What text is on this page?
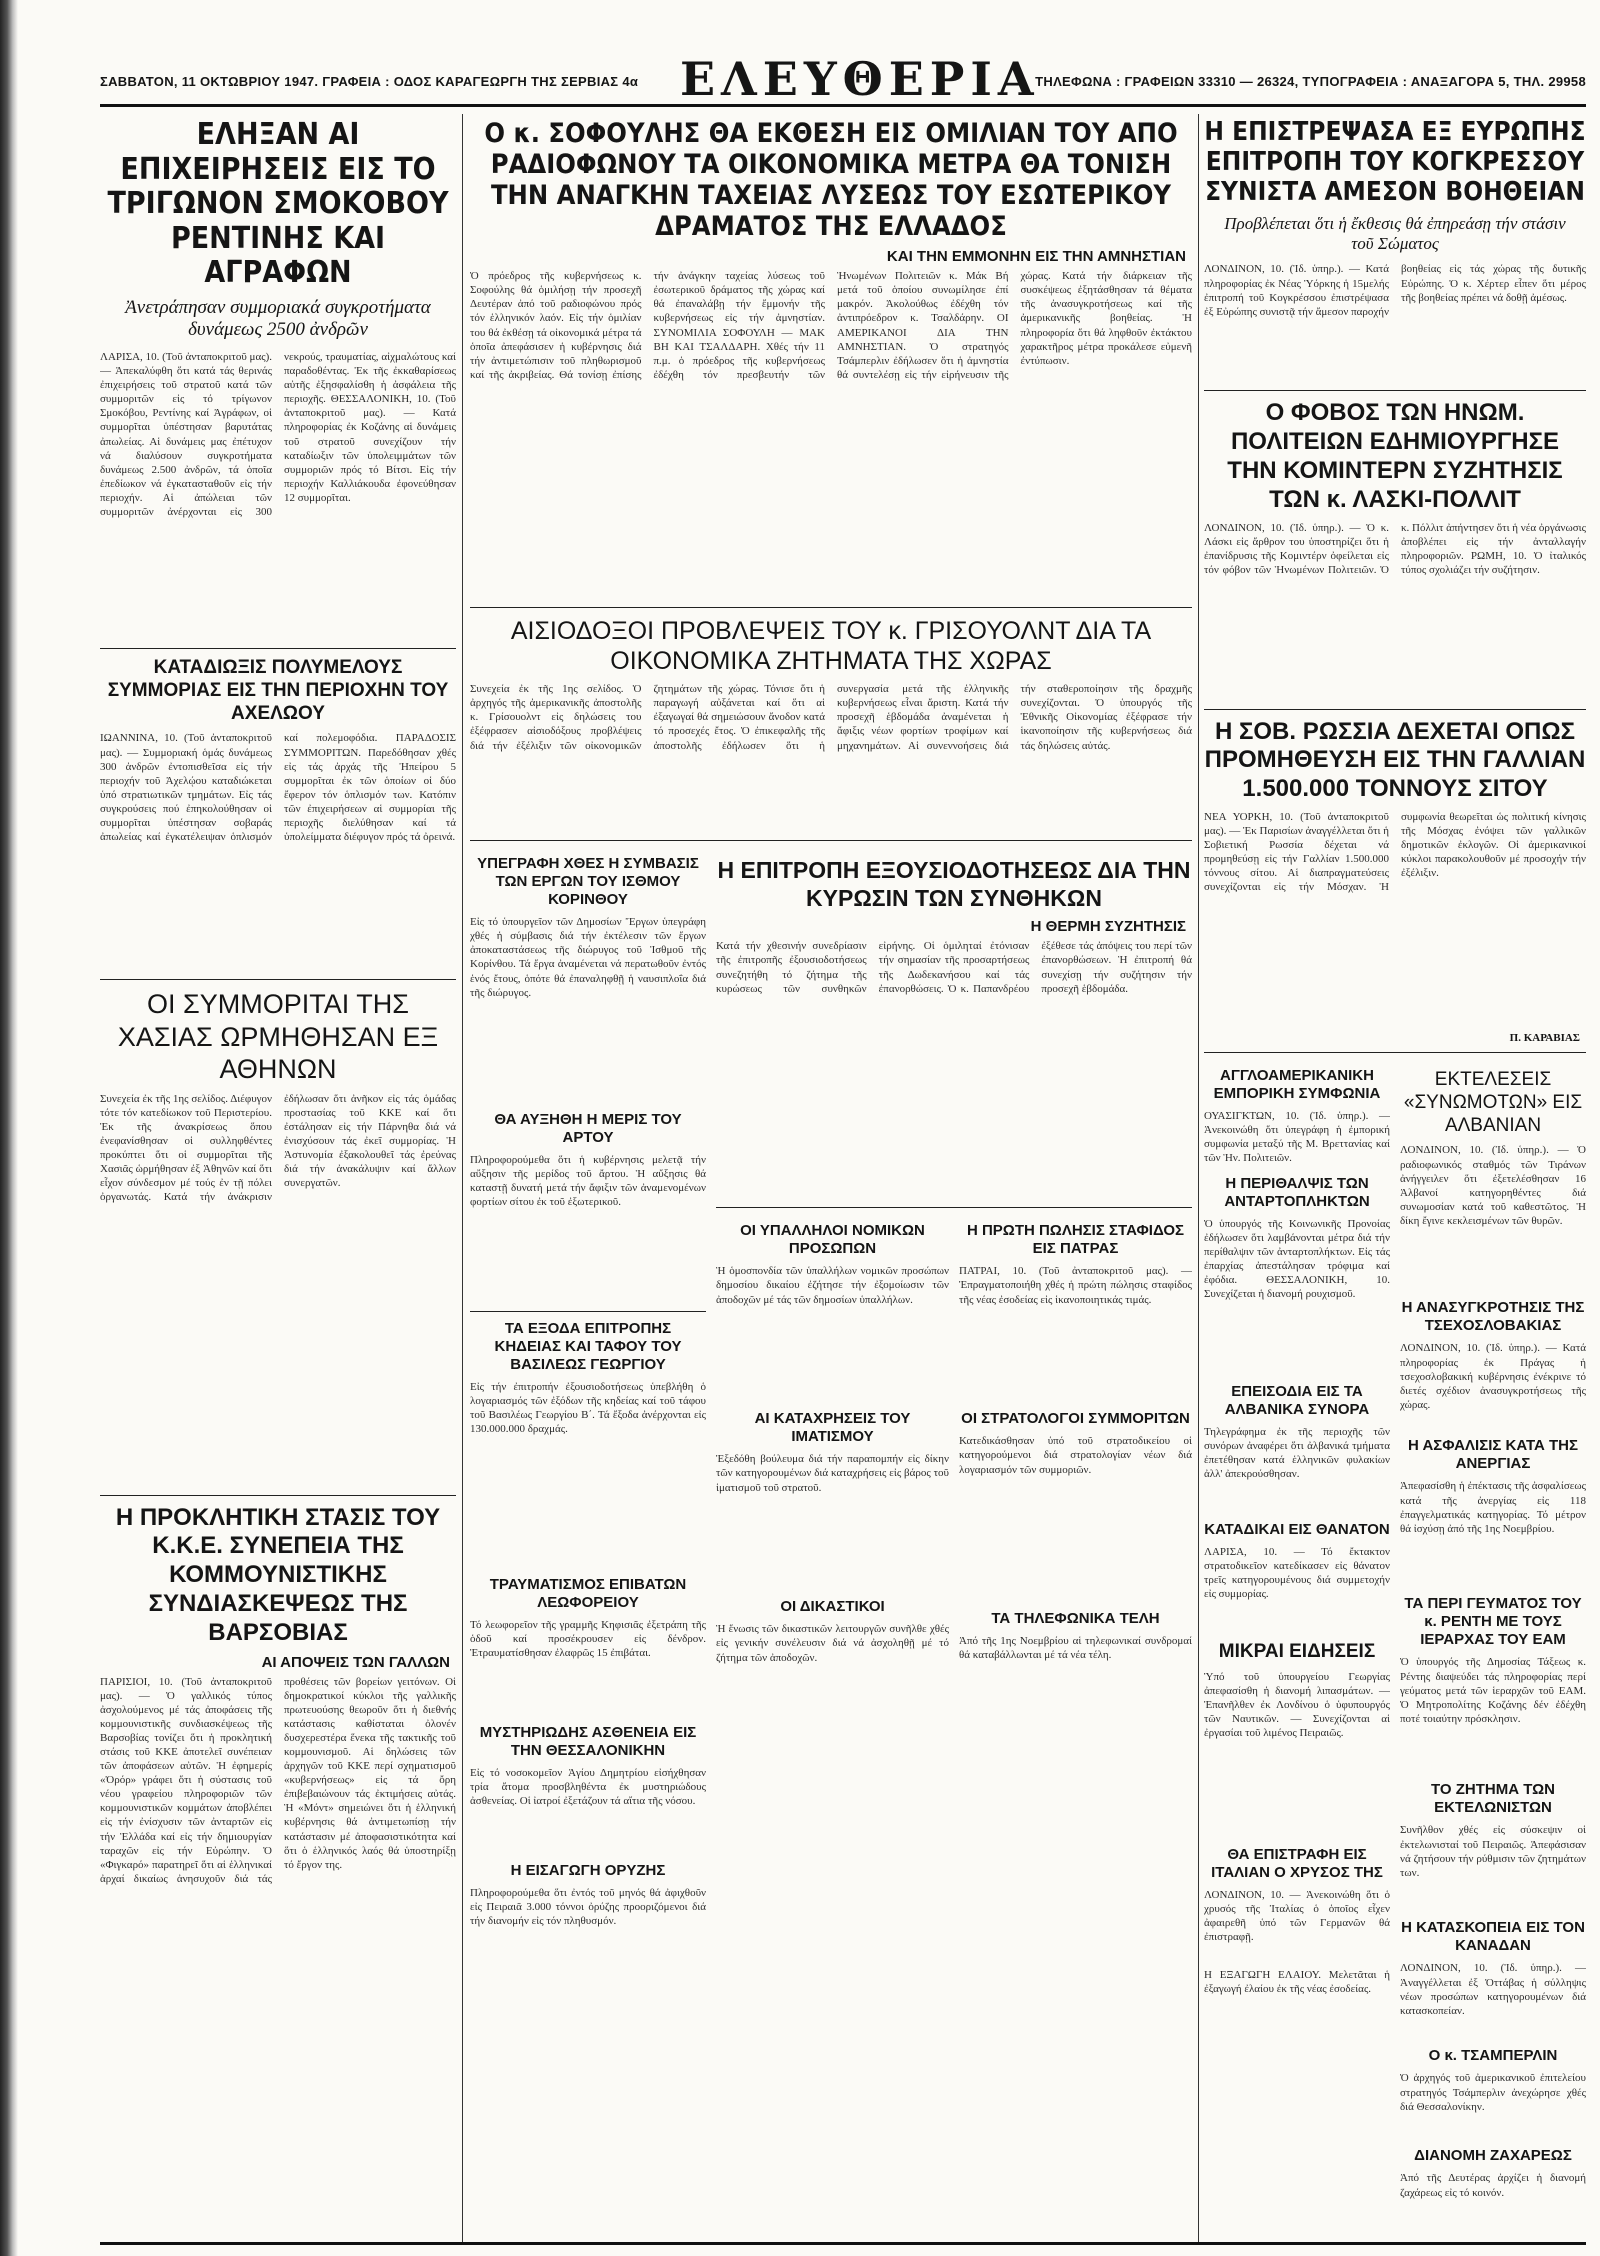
ΣΑΒΒΑΤΟΝ, 11 ΟΚΤΩΒΡΙΟΥ 1947. ΓΡΑΦΕΙΑ : ΟΔΟΣ ΚΑΡΑΓΕΩΡΓΗ ΤΗΣ ΣΕΡΒΙΑΣ 4α ΕΛΕΥΘΕΡΙΑ
ΤΗΛΕΦΩΝΑ : ΓΡΑΦΕΙΩΝ 33310 — 26324, ΤΥΠΟΓΡΑΦΕΙΑ : ΑΝΑΞΑΓΟΡΑ 5, ΤΗΛ. 29958
ΕΛΗΞΑΝ ΑΙ ΕΠΙΧΕΙΡΗΣΕΙΣ ΕΙΣ ΤΟ ΤΡΙΓΩΝΟΝ ΣΜΟΚΟΒΟΥ ΡΕΝΤΙΝΗΣ ΚΑΙ ΑΓΡΑΦΩΝ
Ἀνετράπησαν συμμοριακά συγκροτήματα δυνάμεως 2500 ἀνδρῶν
ΛΑΡΙΣΑ, 10. (Τοῦ ἀνταποκριτοῦ μας). — Ἀπεκαλύφθη ὅτι κατά τάς θερινάς ἐπιχειρήσεις τοῦ στρατοῦ κατά τῶν συμμοριτῶν εἰς τό τρίγωνον Σμοκόβου, Ρεντίνης καί Ἀγράφων, οἱ συμμορῖται ὑπέστησαν βαρυτάτας ἀπωλείας. Αἱ δυνάμεις μας ἐπέτυχον νά διαλύσουν συγκροτήματα δυνάμεως 2.500 ἀνδρῶν, τά ὁποῖα ἐπεδίωκον νά ἐγκατασταθοῦν εἰς τήν περιοχήν. Αἱ ἀπώλειαι τῶν συμμοριτῶν ἀνέρχονται εἰς 300 νεκρούς, τραυματίας, αἰχμαλώτους καί παραδοθέντας. Ἐκ τῆς ἐκκαθαρίσεως αὐτῆς ἐξησφαλίσθη ἡ ἀσφάλεια τῆς περιοχῆς. ΘΕΣΣΑΛΟΝΙΚΗ, 10. (Τοῦ ἀνταποκριτοῦ μας). — Κατά πληροφορίας ἐκ Κοζάνης αἱ δυνάμεις τοῦ στρατοῦ συνεχίζουν τήν καταδίωξιν τῶν ὑπολειμμάτων τῶν συμμοριῶν πρός τό Βίτσι. Εἰς τήν περιοχήν Καλλιάκουδα ἐφονεύθησαν 12 συμμορῖται.
ΚΑΤΑΔΙΩΞΙΣ ΠΟΛΥΜΕΛΟΥΣ ΣΥΜΜΟΡΙΑΣ ΕΙΣ ΤΗΝ ΠΕΡΙΟΧΗΝ ΤΟΥ ΑΧΕΛΩΟΥ
ΙΩΑΝΝΙΝΑ, 10. (Τοῦ ἀνταποκριτοῦ μας). — Συμμοριακή ὁμάς δυνάμεως 300 ἀνδρῶν ἐντοπισθεῖσα εἰς τήν περιοχήν τοῦ Ἀχελῴου καταδιώκεται ὑπό στρατιωτικῶν τμημάτων. Εἰς τάς συγκρούσεις πού ἐπηκολούθησαν οἱ συμμορῖται ὑπέστησαν σοβαράς ἀπωλείας καί ἐγκατέλειψαν ὁπλισμόν καί πολεμοφόδια. ΠΑΡΑΔΟΣΙΣ ΣΥΜΜΟΡΙΤΩΝ. Παρεδόθησαν χθές εἰς τάς ἀρχάς τῆς Ἠπείρου 5 συμμορῖται ἐκ τῶν ὁποίων οἱ δύο ἔφερον τόν ὁπλισμόν των. Κατόπιν τῶν ἐπιχειρήσεων αἱ συμμορίαι τῆς περιοχῆς διελύθησαν καί τά ὑπολείμματα διέφυγον πρός τά ὀρεινά.
ΟΙ ΣΥΜΜΟΡΙΤΑΙ ΤΗΣ ΧΑΣΙΑΣ ΩΡΜΗΘΗΣΑΝ ΕΞ ΑΘΗΝΩΝ
Συνεχεία ἐκ τῆς 1ης σελίδος. Διέφυγον τότε τόν κατεδίωκον τοῦ Περιστερίου. Ἐκ τῆς ἀνακρίσεως ὅπου ἐνεφανίσθησαν οἱ συλληφθέντες προκύπτει ὅτι οἱ συμμορῖται τῆς Χασιᾶς ὡρμήθησαν ἐξ Ἀθηνῶν καί ὅτι εἶχον σύνδεσμον μέ τούς ἐν τῇ πόλει ὀργανωτάς. Κατά τήν ἀνάκρισιν ἐδήλωσαν ὅτι ἀνῆκον εἰς τάς ὁμάδας προστασίας τοῦ ΚΚΕ καί ὅτι ἐστάλησαν εἰς τήν Πάρνηθα διά νά ἐνισχύσουν τάς ἐκεῖ συμμορίας. Ἡ Ἀστυνομία ἐξακολουθεῖ τάς ἐρεύνας διά τήν ἀνακάλυψιν καί ἄλλων συνεργατῶν.
Η ΠΡΟΚΛΗΤΙΚΗ ΣΤΑΣΙΣ ΤΟΥ Κ.Κ.Ε. ΣΥΝΕΠΕΙΑ ΤΗΣ ΚΟΜΜΟΥΝΙΣΤΙΚΗΣ ΣΥΝΔΙΑΣΚΕΨΕΩΣ ΤΗΣ ΒΑΡΣΟΒΙΑΣ
ΑΙ ΑΠΟΨΕΙΣ ΤΩΝ ΓΑΛΛΩΝ
ΠΑΡΙΣΙΟΙ, 10. (Τοῦ ἀνταποκριτοῦ μας). — Ὁ γαλλικός τύπος ἀσχολούμενος μέ τάς ἀποφάσεις τῆς κομμουνιστικῆς συνδιασκέψεως τῆς Βαρσοβίας τονίζει ὅτι ἡ προκλητική στάσις τοῦ ΚΚΕ ἀποτελεῖ συνέπειαν τῶν ἀποφάσεων αὐτῶν. Ἡ ἐφημερίς «Ὀρόρ» γράφει ὅτι ἡ σύστασις τοῦ νέου γραφείου πληροφοριῶν τῶν κομμουνιστικῶν κομμάτων ἀποβλέπει εἰς τήν ἐνίσχυσιν τῶν ἀνταρτῶν εἰς τήν Ἑλλάδα καί εἰς τήν δημιουργίαν ταραχῶν εἰς τήν Εὐρώπην. Ὁ «Φιγκαρό» παρατηρεῖ ὅτι αἱ ἑλληνικαί ἀρχαί δικαίως ἀνησυχοῦν διά τάς προθέσεις τῶν βορείων γειτόνων. Οἱ δημοκρατικοί κύκλοι τῆς γαλλικῆς πρωτευούσης θεωροῦν ὅτι ἡ διεθνής κατάστασις καθίσταται ὀλονέν δυσχερεστέρα ἕνεκα τῆς τακτικῆς τοῦ κομμουνισμοῦ. Αἱ δηλώσεις τῶν ἀρχηγῶν τοῦ ΚΚΕ περί σχηματισμοῦ «κυβερνήσεως» εἰς τά ὄρη ἐπιβεβαιώνουν τάς ἐκτιμήσεις αὐτάς. Ἡ «Μόντ» σημειώνει ὅτι ἡ ἑλληνική κυβέρνησις θά ἀντιμετωπίσῃ τήν κατάστασιν μέ ἀποφασιστικότητα καί ὅτι ὁ ἑλληνικός λαός θά ὑποστηρίξῃ τό ἔργον της.
Ο κ. ΣΟΦΟΥΛΗΣ ΘΑ ΕΚΘΕΣΗ ΕΙΣ ΟΜΙΛΙΑΝ ΤΟΥ ΑΠΟ ΡΑΔΙΟΦΩΝΟΥ ΤΑ ΟΙΚΟΝΟΜΙΚΑ ΜΕΤΡΑ ΘΑ ΤΟΝΙΣΗ ΤΗΝ ΑΝΑΓΚΗΝ ΤΑΧΕΙΑΣ ΛΥΣΕΩΣ ΤΟΥ ΕΣΩΤΕΡΙΚΟΥ ΔΡΑΜΑΤΟΣ ΤΗΣ ΕΛΛΑΔΟΣ
ΚΑΙ ΤΗΝ ΕΜΜΟΝΗΝ ΕΙΣ ΤΗΝ ΑΜΝΗΣΤΙΑΝ
Ὁ πρόεδρος τῆς κυβερνήσεως κ. Σοφούλης θά ὁμιλήσῃ τήν προσεχῆ Δευτέραν ἀπό τοῦ ραδιοφώνου πρός τόν ἑλληνικόν λαόν. Εἰς τήν ὁμιλίαν του θά ἐκθέσῃ τά οἰκονομικά μέτρα τά ὁποῖα ἀπεφάσισεν ἡ κυβέρνησις διά τήν ἀντιμετώπισιν τοῦ πληθωρισμοῦ καί τῆς ἀκριβείας. Θά τονίσῃ ἐπίσης τήν ἀνάγκην ταχείας λύσεως τοῦ ἐσωτερικοῦ δράματος τῆς χώρας καί θά ἐπαναλάβῃ τήν ἔμμονήν τῆς κυβερνήσεως εἰς τήν ἀμνηστίαν. ΣΥΝΟΜΙΛΙΑ ΣΟΦΟΥΛΗ — ΜΑΚ ΒΗ ΚΑΙ ΤΣΑΛΔΑΡΗ. Χθές τήν 11 π.μ. ὁ πρόεδρος τῆς κυβερνήσεως ἐδέχθη τόν πρεσβευτήν τῶν Ἡνωμένων Πολιτειῶν κ. Μάκ Βή μετά τοῦ ὁποίου συνωμίλησε ἐπί μακρόν. Ἀκολούθως ἐδέχθη τόν ἀντιπρόεδρον κ. Τσαλδάρην. ΟΙ ΑΜΕΡΙΚΑΝΟΙ ΔΙΑ ΤΗΝ ΑΜΝΗΣΤΙΑΝ. Ὁ στρατηγός Τσάμπερλιν ἐδήλωσεν ὅτι ἡ ἀμνηστία θά συντελέσῃ εἰς τήν εἰρήνευσιν τῆς χώρας. Κατά τήν διάρκειαν τῆς συσκέψεως ἐξητάσθησαν τά θέματα τῆς ἀνασυγκροτήσεως καί τῆς ἀμερικανικῆς βοηθείας. Ἡ πληροφορία ὅτι θά ληφθοῦν ἐκτάκτου χαρακτῆρος μέτρα προκάλεσε εὐμενῆ ἐντύπωσιν.
ΑΙΣΙΟΔΟΞΟΙ ΠΡΟΒΛΕΨΕΙΣ ΤΟΥ κ. ΓΡΙΣΟΥΟΛΝΤ ΔΙΑ ΤΑ ΟΙΚΟΝΟΜΙΚΑ ΖΗΤΗΜΑΤΑ ΤΗΣ ΧΩΡΑΣ
Συνεχεία ἐκ τῆς 1ης σελίδος. Ὁ ἀρχηγός τῆς ἀμερικανικῆς ἀποστολῆς κ. Γρίσουολντ εἰς δηλώσεις του ἐξέφρασεν αἰσιοδόξους προβλέψεις διά τήν ἐξέλιξιν τῶν οἰκονομικῶν ζητημάτων τῆς χώρας. Τόνισε ὅτι ἡ παραγωγή αὐξάνεται καί ὅτι αἱ ἐξαγωγαί θά σημειώσουν ἄνοδον κατά τό προσεχές ἔτος. Ὁ ἐπικεφαλῆς τῆς ἀποστολῆς ἐδήλωσεν ὅτι ἡ συνεργασία μετά τῆς ἑλληνικῆς κυβερνήσεως εἶναι ἄριστη. Κατά τήν προσεχῆ ἑβδομάδα ἀναμένεται ἡ ἄφιξις νέων φορτίων τροφίμων καί μηχανημάτων. Αἱ συνεννοήσεις διά τήν σταθεροποίησιν τῆς δραχμῆς συνεχίζονται. Ὁ ὑπουργός τῆς Ἐθνικῆς Οἰκονομίας ἐξέφρασε τήν ἱκανοποίησιν τῆς κυβερνήσεως διά τάς δηλώσεις αὐτάς.
ΥΠΕΓΡΑΦΗ ΧΘΕΣ Η ΣΥΜΒΑΣΙΣ ΤΩΝ ΕΡΓΩΝ ΤΟΥ ΙΣΘΜΟΥ ΚΟΡΙΝΘΟΥ
Εἰς τό ὑπουργεῖον τῶν Δημοσίων Ἔργων ὑπεγράφη χθές ἡ σύμβασις διά τήν ἐκτέλεσιν τῶν ἔργων ἀποκαταστάσεως τῆς διώρυγος τοῦ Ἰσθμοῦ τῆς Κορίνθου. Τά ἔργα ἀναμένεται νά περατωθοῦν ἐντός ἑνός ἔτους, ὁπότε θά ἐπαναληφθῇ ἡ ναυσιπλοΐα διά τῆς διώρυγος.
ΘΑ ΑΥΞΗΘΗ Η ΜΕΡΙΣ ΤΟΥ ΑΡΤΟΥ
Πληροφορούμεθα ὅτι ἡ κυβέρνησις μελετᾷ τήν αὔξησιν τῆς μερίδος τοῦ ἄρτου. Ἡ αὔξησις θά καταστῇ δυνατή μετά τήν ἄφιξιν τῶν ἀναμενομένων φορτίων σίτου ἐκ τοῦ ἐξωτερικοῦ.
ΤΑ ΕΞΟΔΑ ΕΠΙΤΡΟΠΗΣ ΚΗΔΕΙΑΣ ΚΑΙ ΤΑΦΟΥ ΤΟΥ ΒΑΣΙΛΕΩΣ ΓΕΩΡΓΙΟΥ
Εἰς τήν ἐπιτροπήν ἐξουσιοδοτήσεως ὑπεβλήθη ὁ λογαριασμός τῶν ἐξόδων τῆς κηδείας καί τοῦ τάφου τοῦ Βασιλέως Γεωργίου Β΄. Τά ἔξοδα ἀνέρχονται εἰς 130.000.000 δραχμάς.
ΤΡΑΥΜΑΤΙΣΜΟΣ ΕΠΙΒΑΤΩΝ ΛΕΩΦΟΡΕΙΟΥ
Τό λεωφορεῖον τῆς γραμμῆς Κηφισιᾶς ἐξετράπη τῆς ὁδοῦ καί προσέκρουσεν εἰς δένδρον. Ἐτραυματίσθησαν ἐλαφρῶς 15 ἐπιβάται.
ΜΥΣΤΗΡΙΩΔΗΣ ΑΣΘΕΝΕΙΑ ΕΙΣ ΤΗΝ ΘΕΣΣΑΛΟΝΙΚΗΝ
Εἰς τό νοσοκομεῖον Ἀγίου Δημητρίου εἰσήχθησαν τρία ἄτομα προσβληθέντα ἐκ μυστηριώδους ἀσθενείας. Οἱ ἰατροί ἐξετάζουν τά αἴτια τῆς νόσου.
Η ΕΙΣΑΓΩΓΗ ΟΡΥΖΗΣ
Πληροφορούμεθα ὅτι ἐντός τοῦ μηνός θά ἀφιχθοῦν εἰς Πειραιᾶ 3.000 τόννοι ὀρύζης προοριζόμενοι διά τήν διανομήν εἰς τόν πληθυσμόν.
Η ΕΠΙΤΡΟΠΗ ΕΞΟΥΣΙΟΔΟΤΗΣΕΩΣ ΔΙΑ ΤΗΝ ΚΥΡΩΣΙΝ ΤΩΝ ΣΥΝΘΗΚΩΝ
Η ΘΕΡΜΗ ΣΥΖΗΤΗΣΙΣ
Κατά τήν χθεσινήν συνεδρίασιν τῆς ἐπιτροπῆς ἐξουσιοδοτήσεως συνεζητήθη τό ζήτημα τῆς κυρώσεως τῶν συνθηκῶν εἰρήνης. Οἱ ὁμιληταί ἐτόνισαν τήν σημασίαν τῆς προσαρτήσεως τῆς Δωδεκανήσου καί τάς ἐπανορθώσεις. Ὁ κ. Παπανδρέου ἐξέθεσε τάς ἀπόψεις του περί τῶν ἐπανορθώσεων. Ἡ ἐπιτροπή θά συνεχίσῃ τήν συζήτησιν τήν προσεχῆ ἑβδομάδα.
ΟΙ ΥΠΑΛΛΗΛΟΙ ΝΟΜΙΚΩΝ ΠΡΟΣΩΠΩΝ
Ἡ ὁμοσπονδία τῶν ὑπαλλήλων νομικῶν προσώπων δημοσίου δικαίου ἐζήτησε τήν ἐξομοίωσιν τῶν ἀποδοχῶν μέ τάς τῶν δημοσίων ὑπαλλήλων.
ΑΙ ΚΑΤΑΧΡΗΣΕΙΣ ΤΟΥ ΙΜΑΤΙΣΜΟΥ
Ἐξεδόθη βούλευμα διά τήν παραπομπήν εἰς δίκην τῶν κατηγορουμένων διά καταχρήσεις εἰς βάρος τοῦ ἱματισμοῦ τοῦ στρατοῦ.
ΟΙ ΔΙΚΑΣΤΙΚΟΙ
Ἡ ἕνωσις τῶν δικαστικῶν λειτουργῶν συνῆλθε χθές εἰς γενικήν συνέλευσιν διά νά ἀσχοληθῇ μέ τό ζήτημα τῶν ἀποδοχῶν.
Η ΠΡΩΤΗ ΠΩΛΗΣΙΣ ΣΤΑΦΙΔΟΣ ΕΙΣ ΠΑΤΡΑΣ
ΠΑΤΡΑΙ, 10. (Τοῦ ἀνταποκριτοῦ μας). — Ἐπραγματοποιήθη χθές ἡ πρώτη πώλησις σταφίδος τῆς νέας ἐσοδείας εἰς ἱκανοποιητικάς τιμάς.
ΟΙ ΣΤΡΑΤΟΛΟΓΟΙ ΣΥΜΜΟΡΙΤΩΝ
Κατεδικάσθησαν ὑπό τοῦ στρατοδικείου οἱ κατηγορούμενοι διά στρατολογίαν νέων διά λογαριασμόν τῶν συμμοριῶν.
ΤΑ ΤΗΛΕΦΩΝΙΚΑ ΤΕΛΗ
Ἀπό τῆς 1ης Νοεμβρίου αἱ τηλεφωνικαί συνδρομαί θά καταβάλλωνται μέ τά νέα τέλη.
Η ΕΠΙΣΤΡΕΨΑΣΑ ΕΞ ΕΥΡΩΠΗΣ ΕΠΙΤΡΟΠΗ ΤΟΥ ΚΟΓΚΡΕΣΣΟΥ ΣΥΝΙΣΤΑ ΑΜΕΣΟΝ ΒΟΗΘΕΙΑΝ
Προβλέπεται ὅτι ἡ ἔκθεσις θά ἐπηρεάσῃ τήν στάσιν τοῦ Σώματος
ΛΟΝΔΙΝΟΝ, 10. (Ἰδ. ὑπηρ.). — Κατά πληροφορίας ἐκ Νέας Ὑόρκης ἡ 15μελής ἐπιτροπή τοῦ Κογκρέσσου ἐπιστρέψασα ἐξ Εὐρώπης συνιστᾷ τήν ἄμεσον παροχήν βοηθείας εἰς τάς χώρας τῆς δυτικῆς Εὐρώπης. Ὁ κ. Χέρτερ εἶπεν ὅτι μέρος τῆς βοηθείας πρέπει νά δοθῇ ἀμέσως.
Ο ΦΟΒΟΣ ΤΩΝ ΗΝΩΜ. ΠΟΛΙΤΕΙΩΝ ΕΔΗΜΙΟΥΡΓΗΣΕ ΤΗΝ ΚΟΜΙΝΤΕΡΝ ΣΥΖΗΤΗΣΙΣ ΤΩΝ κ. ΛΑΣΚΙ-ΠΟΛΛΙΤ
ΛΟΝΔΙΝΟΝ, 10. (Ἰδ. ὑπηρ.). — Ὁ κ. Λάσκι εἰς ἄρθρον του ὑποστηρίζει ὅτι ἡ ἐπανίδρυσις τῆς Κομιντέρν ὀφείλεται εἰς τόν φόβον τῶν Ἡνωμένων Πολιτειῶν. Ὁ κ. Πόλλιτ ἀπήντησεν ὅτι ἡ νέα ὀργάνωσις ἀποβλέπει εἰς τήν ἀνταλλαγήν πληροφοριῶν. ΡΩΜΗ, 10. Ὁ ἰταλικός τύπος σχολιάζει τήν συζήτησιν.
Η ΣΟΒ. ΡΩΣΣΙΑ ΔΕΧΕΤΑΙ ΟΠΩΣ ΠΡΟΜΗΘΕΥΣΗ ΕΙΣ ΤΗΝ ΓΑΛΛΙΑΝ 1.500.000 ΤΟΝΝΟΥΣ ΣΙΤΟΥ
ΝΕΑ ΥΟΡΚΗ, 10. (Τοῦ ἀνταποκριτοῦ μας). — Ἐκ Παρισίων ἀναγγέλλεται ὅτι ἡ Σοβιετική Ρωσσία δέχεται νά προμηθεύσῃ εἰς τήν Γαλλίαν 1.500.000 τόννους σίτου. Αἱ διαπραγματεύσεις συνεχίζονται εἰς τήν Μόσχαν. Ἡ συμφωνία θεωρεῖται ὡς πολιτική κίνησις τῆς Μόσχας ἐνόψει τῶν γαλλικῶν δημοτικῶν ἐκλογῶν. Οἱ ἀμερικανικοί κύκλοι παρακολουθοῦν μέ προσοχήν τήν ἐξέλιξιν.
Π. ΚΑΡΑΒΙΑΣ
ΑΓΓΛΟΑΜΕΡΙΚΑΝΙΚΗ ΕΜΠΟΡΙΚΗ ΣΥΜΦΩΝΙΑ
ΟΥΑΣΙΓΚΤΩΝ, 10. (Ἰδ. ὑπηρ.). — Ἀνεκοινώθη ὅτι ὑπεγράφη ἡ ἐμπορική συμφωνία μεταξύ τῆς Μ. Βρεττανίας καί τῶν Ἡν. Πολιτειῶν.
Η ΠΕΡΙΘΑΛΨΙΣ ΤΩΝ ΑΝΤΑΡΤΟΠΛΗΚΤΩΝ
Ὁ ὑπουργός τῆς Κοινωνικῆς Προνοίας ἐδήλωσεν ὅτι λαμβάνονται μέτρα διά τήν περίθαλψιν τῶν ἀνταρτοπλήκτων. Εἰς τάς ἐπαρχίας ἀπεστάλησαν τρόφιμα καί ἐφόδια. ΘΕΣΣΑΛΟΝΙΚΗ, 10. Συνεχίζεται ἡ διανομή ρουχισμοῦ.
ΕΠΕΙΣΟΔΙΑ ΕΙΣ ΤΑ ΑΛΒΑΝΙΚΑ ΣΥΝΟΡΑ
Τηλεγράφημα ἐκ τῆς περιοχῆς τῶν συνόρων ἀναφέρει ὅτι ἀλβανικά τμήματα ἐπετέθησαν κατά ἑλληνικῶν φυλακίων ἀλλ' ἀπεκρούσθησαν.
ΚΑΤΑΔΙΚΑΙ ΕΙΣ ΘΑΝΑΤΟΝ
ΛΑΡΙΣΑ, 10. — Τό ἔκτακτον στρατοδικεῖον κατεδίκασεν εἰς θάνατον τρεῖς κατηγορουμένους διά συμμετοχήν εἰς συμμορίας.
ΜΙΚΡΑΙ ΕΙΔΗΣΕΙΣ
Ὑπό τοῦ ὑπουργείου Γεωργίας ἀπεφασίσθη ἡ διανομή λιπασμάτων. — Ἐπανῆλθεν ἐκ Λονδίνου ὁ ὑφυπουργός τῶν Ναυτικῶν. — Συνεχίζονται αἱ ἐργασίαι τοῦ λιμένος Πειραιῶς.
ΘΑ ΕΠΙΣΤΡΑΦΗ ΕΙΣ ΙΤΑΛΙΑΝ Ο ΧΡΥΣΟΣ ΤΗΣ
ΛΟΝΔΙΝΟΝ, 10. — Ἀνεκοινώθη ὅτι ὁ χρυσός τῆς Ἰταλίας ὁ ὁποῖος εἶχεν ἀφαιρεθῆ ὑπό τῶν Γερμανῶν θά ἐπιστραφῇ.
Η ΕΞΑΓΩΓΗ ΕΛΑΙΟΥ. Μελετᾶται ἡ ἐξαγωγή ἐλαίου ἐκ τῆς νέας ἐσοδείας.
ΕΚΤΕΛΕΣΕΙΣ «ΣΥΝΩΜΟΤΩΝ» ΕΙΣ ΑΛΒΑΝΙΑΝ
ΛΟΝΔΙΝΟΝ, 10. (Ἰδ. ὑπηρ.). — Ὁ ραδιοφωνικός σταθμός τῶν Τιράνων ἀνήγγειλεν ὅτι ἐξετελέσθησαν 16 Ἀλβανοί κατηγορηθέντες διά συνωμοσίαν κατά τοῦ καθεστῶτος. Ἡ δίκη ἔγινε κεκλεισμένων τῶν θυρῶν.
Η ΑΝΑΣΥΓΚΡΟΤΗΣΙΣ ΤΗΣ ΤΣΕΧΟΣΛΟΒΑΚΙΑΣ
ΛΟΝΔΙΝΟΝ, 10. (Ἰδ. ὑπηρ.). — Κατά πληροφορίας ἐκ Πράγας ἡ τσεχοσλοβακική κυβέρνησις ἐνέκρινε τό διετές σχέδιον ἀνασυγκροτήσεως τῆς χώρας.
Η ΑΣΦΑΛΙΣΙΣ ΚΑΤΑ ΤΗΣ ΑΝΕΡΓΙΑΣ
Ἀπεφασίσθη ἡ ἐπέκτασις τῆς ἀσφαλίσεως κατά τῆς ἀνεργίας εἰς 118 ἐπαγγελματικάς κατηγορίας. Τό μέτρον θά ἰσχύσῃ ἀπό τῆς 1ης Νοεμβρίου.
ΤΑ ΠΕΡΙ ΓΕΥΜΑΤΟΣ ΤΟΥ κ. ΡΕΝΤΗ ΜΕ ΤΟΥΣ ΙΕΡΑΡΧΑΣ ΤΟΥ ΕΑΜ
Ὁ ὑπουργός τῆς Δημοσίας Τάξεως κ. Ρέντης διαψεύδει τάς πληροφορίας περί γεύματος μετά τῶν ἱεραρχῶν τοῦ ΕΑΜ. Ὁ Μητροπολίτης Κοζάνης δέν ἐδέχθη ποτέ τοιαύτην πρόσκλησιν.
ΤΟ ΖΗΤΗΜΑ ΤΩΝ ΕΚΤΕΛΩΝΙΣΤΩΝ
Συνῆλθον χθές εἰς σύσκεψιν οἱ ἐκτελωνισταί τοῦ Πειραιῶς. Ἀπεφάσισαν νά ζητήσουν τήν ρύθμισιν τῶν ζητημάτων των.
Η ΚΑΤΑΣΚΟΠΕΙΑ ΕΙΣ ΤΟΝ ΚΑΝΑΔΑΝ
ΛΟΝΔΙΝΟΝ, 10. (Ἰδ. ὑπηρ.). — Ἀναγγέλλεται ἐξ Ὀττάβας ἡ σύλληψις νέων προσώπων κατηγορουμένων διά κατασκοπείαν.
Ο κ. ΤΣΑΜΠΕΡΛΙΝ
Ὁ ἀρχηγός τοῦ ἀμερικανικοῦ ἐπιτελείου στρατηγός Τσάμπερλιν ἀνεχώρησε χθές διά Θεσσαλονίκην.
ΔΙΑΝΟΜΗ ΖΑΧΑΡΕΩΣ
Ἀπό τῆς Δευτέρας ἀρχίζει ἡ διανομή ζαχάρεως εἰς τό κοινόν.
